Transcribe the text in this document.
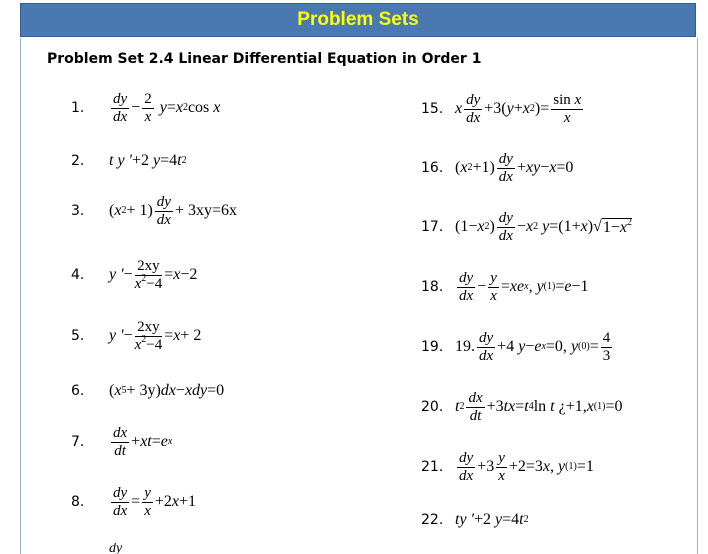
Problem Sets
Problem Set 2.4 Linear Differential Equation in Order 1
1.	$\frac{dy}{dx} - \frac{2}{x}$ y = x 2 cos x
2.	t y ' +2 y =4 t 2
3.	( x $2 + 1) \frac{dy}{dx} + 3xy=6x$
4.	y ' − $\frac{2xy}{x^2-4} = x -2$
5.	y ' − $\frac{2xy}{x^2-4} = x + 2$
6.	( x 5 + 3y ) dx − xdy =0
7.	$\frac{dx}{dt}$ + xt = e x
8.	$\frac{dy}{dx} = \frac{y}{x} +2$ x +1
15. x $\frac{dy}{dx} +3$( y + x 2 )= $\frac{\text{sin x}}{x}$
16. ( x $2 +1) \frac{dy}{dx}$ + xy − x =0
17. (1− x 2 ) $\frac{dy}{dx} - x$ 2 y =(1+ x )√ $1-x^2$
18. $\frac{dy}{dx} - \frac{y}{x}$ = xe x , y (1) = e −1
19. 19. $\frac{dy}{dx} +4$ y − e x =0, y $(0) = \frac{4}{3}$
20. t $2 \frac{dx}{dt} +3$ tx = t 4 ln t ¿ +1, x (1) =0
21. $\frac{dy}{dx} +3 \frac{y}{x} +2=3$ x , y (1) =1
22. ty ' +2 y =4 t 2
dy
